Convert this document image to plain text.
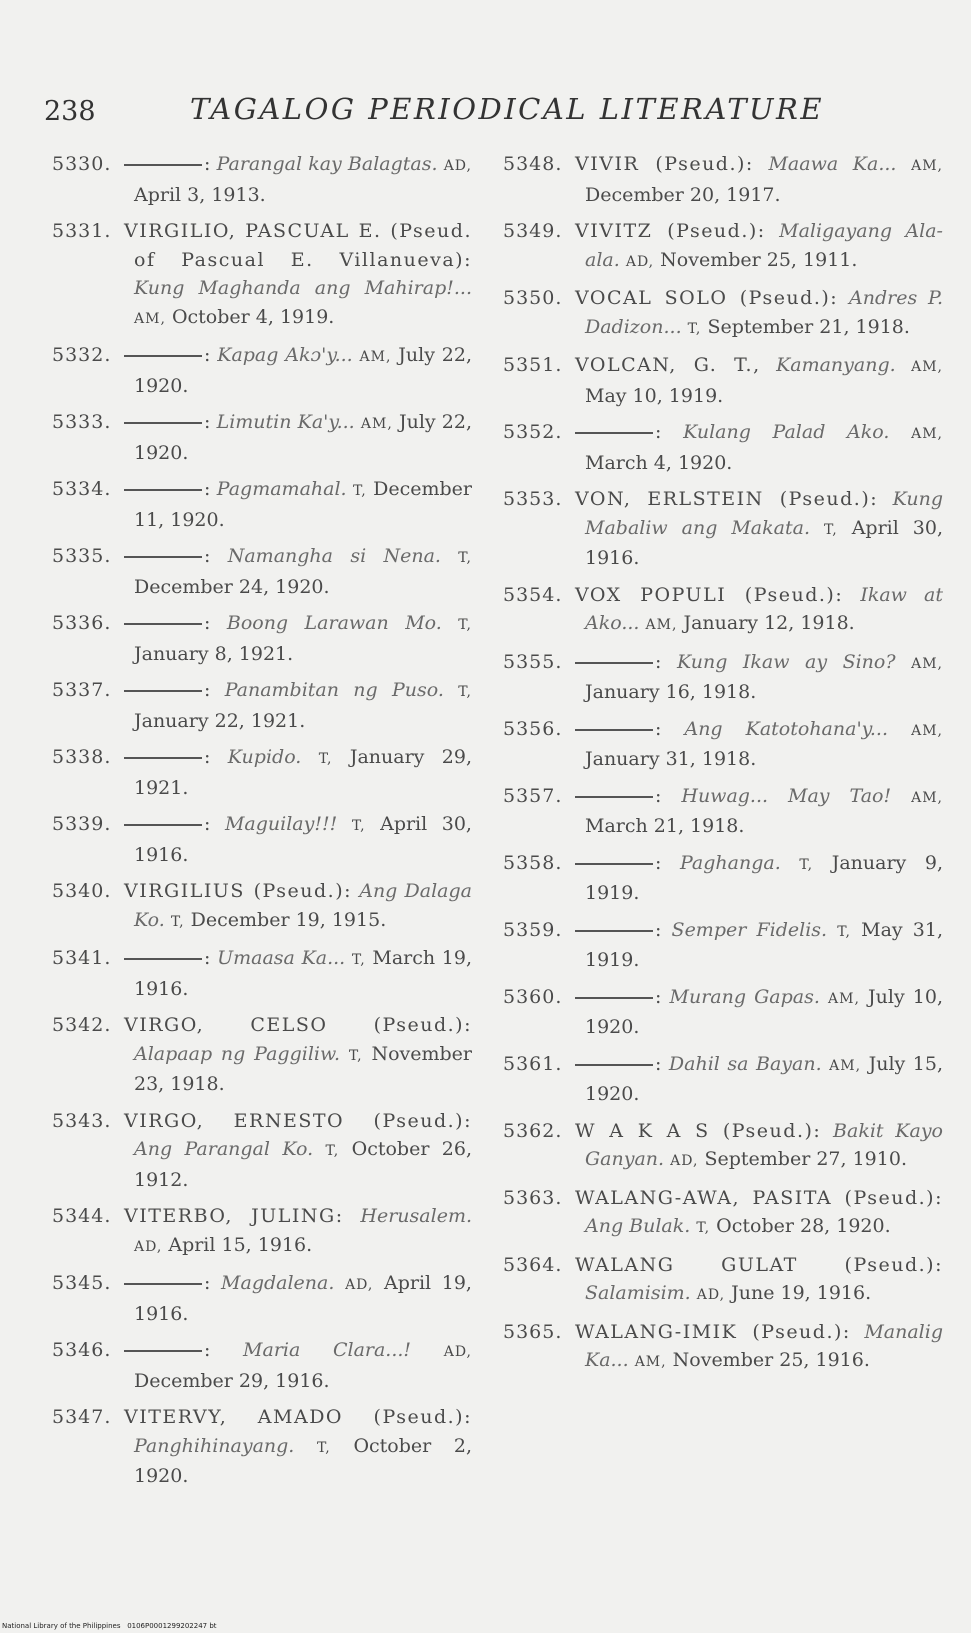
238	TAGALOG PERIODICAL LITERATURE
5330.	: Parangal kay Balagtas. AD, April 3, 1913.
5331. VIRGILIO, PASCUAL E. (Pseud. of Pascual E. Villanueva): Kung Maghanda ang Mahirap!... AM, October 4, 1919.
5332.	: Kapag Akɔ'y... AM, July 22, 1920.
5333.	: Limutin Ka'y... AM, July 22, 1920.
5334.	: Pagmamahal. T, December 11, 1920.
5335.	: Namangha si Nena. T, December 24, 1920.
5336.	: Boong Larawan Mo. T, January 8, 1921.
5337.	: Panambitan ng Puso. T, January 22, 1921.
5338.	: Kupido. T, January 29, 1921.
5339.	: Maguilay!!! T, April 30, 1916.
5340. VIRGILIUS (Pseud.): Ang Dalaga Ko. T, December 19, 1915.
5341.	: Umaasa Ka... T, March 19, 1916.
5342. VIRGO, CELSO (Pseud.): Alapaap ng Paggiliw. T, November 23, 1918.
5343. VIRGO, ERNESTO (Pseud.): Ang Parangal Ko. T, October 26, 1912.
5344. VITERBO, JULING: Herusalem. AD, April 15, 1916.
5345.	: Magdalena. AD, April 19, 1916.
5346.	: Maria Clara...! AD, December 29, 1916.
5347. VITERVY, AMADO (Pseud.): Panghihinayang. T, October 2, 1920.
5348. VIVIR (Pseud.): Maawa Ka... AM, December 20, 1917.
5349. VIVITZ (Pseud.): Maligayang Ala-ala. AD, November 25, 1911.
5350. VOCAL SOLO (Pseud.): Andres P. Dadizon... T, September 21, 1918.
5351. VOLCAN, G. T., Kamanyang. AM, May 10, 1919.
5352.	: Kulang Palad Ako. AM, March 4, 1920.
5353. VON, ERLSTEIN (Pseud.): Kung Mabaliw ang Makata. T, April 30, 1916.
5354. VOX POPULI (Pseud.): Ikaw at Ako... AM, January 12, 1918.
5355.	: Kung Ikaw ay Sino? AM, January 16, 1918.
5356.	: Ang Katotohana'y... AM, January 31, 1918.
5357.	: Huwag... May Tao! AM, March 21, 1918.
5358.	: Paghanga. T, January 9, 1919.
5359.	: Semper Fidelis. T, May 31, 1919.
5360.	: Murang Gapas. AM, July 10, 1920.
5361.	: Dahil sa Bayan. AM, July 15, 1920.
5362. W A K A S (Pseud.): Bakit Kayo Ganyan. AD, September 27, 1910.
5363. WALANG-AWA, PASITA (Pseud.): Ang Bulak. T, October 28, 1920.
5364. WALANG GULAT (Pseud.): Salamisim. AD, June 19, 1916.
5365. WALANG-IMIK (Pseud.): Manalig Ka... AM, November 25, 1916.
National Library of the Philippines 0106P0001299202247 bt
